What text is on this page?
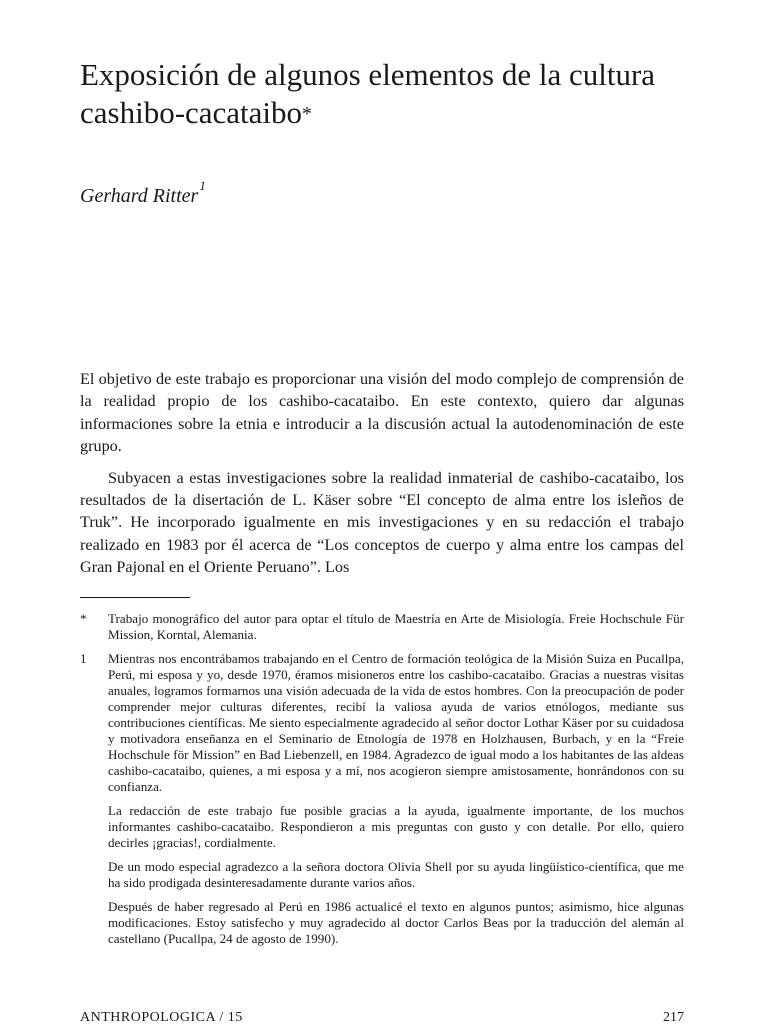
Exposición de algunos elementos de la cultura cashibo-cacataibo*
Gerhard Ritter$^1$

El objetivo de este trabajo es proporcionar una visión del modo complejo de comprensión de la realidad propio de los cashibo-cacataibo. En este contexto, quiero dar algunas informaciones sobre la etnia e introducir a la discusión actual la autodenominación de este grupo.

Subyacen a estas investigaciones sobre la realidad inmaterial de cashibo-cacataibo, los resultados de la disertación de L. Käser sobre “El concepto de alma entre los isleños de Truk”. He incorporado igualmente en mis investigaciones y en su redacción el trabajo realizado en 1983 por él acerca de “Los conceptos de cuerpo y alma entre los campas del Gran Pajonal en el Oriente Peruano”. Los

*	Trabajo monográfico del autor para optar el título de Maestría en Arte de Misiología. Freie Hochschule Für Mission, Korntal, Alemania.

1	Mientras nos encontrábamos trabajando en el Centro de formación teológica de la Misión Suiza en Pucallpa, Perú, mi esposa y yo, desde 1970, éramos misioneros entre los cashibo-cacataibo. Gracias a nuestras visitas anuales, logramos formarnos una visión adecuada de la vida de estos hombres. Con la preocupación de poder comprender mejor culturas diferentes, recibí la valiosa ayuda de varios etnólogos, mediante sus contribuciones científicas. Me siento especialmente agradecido al señor doctor Lothar Käser por su cuidadosa y motivadora enseñanza en el Seminario de Etnología de 1978 en Holzhausen, Burbach, y en la “Freie Hochschule för Mission” en Bad Liebenzell, en 1984. Agradezco de igual modo a los habitantes de las aldeas cashibo-cacataibo, quienes, a mi esposa y a mí, nos acogieron siempre amistosamente, honrándonos con su confianza.

La redacción de este trabajo fue posible gracias a la ayuda, igualmente importante, de los muchos informantes cashibo-cacataibo. Respondieron a mis preguntas con gusto y con detalle. Por ello, quiero decirles ¡gracias!, cordialmente.

De un modo especial agradezco a la señora doctora Olivia Shell por su ayuda lingüístico-científica, que me ha sido prodigada desinteresadamente durante varios años.

Después de haber regresado al Perú en 1986 actualicé el texto en algunos puntos; asimismo, hice algunas modificaciones. Estoy satisfecho y muy agradecido al doctor Carlos Beas por la traducción del alemán al castellano (Pucallpa, 24 de agosto de 1990).

ANTHROPOLOGICA / 15	217
